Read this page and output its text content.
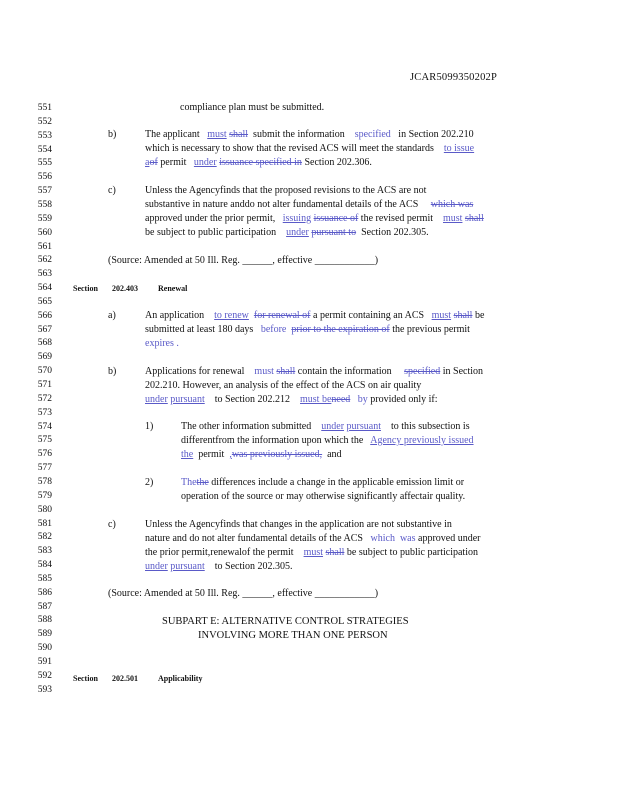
JCAR5099350202P
551
552
553
554
555
556
557
558
559
560
561
562
563
564
565
566
567
568
569
570
571
572
573
574
575
576
577
578
579
580
581
582
583
584
585
586
587
588
589
590
591
592
593
compliance plan must be submitted.
b)	The applicant must shall submit the information specified in Section 202.210
which is necessary to show that the revised ACS will meet the standards to issue
aof permit under issuance specified in Section 202.306.
c)	Unless the Agencyfinds that the proposed revisions to the ACS are not
substantive in nature anddo not alter fundamental details of the ACS which was
approved under the prior permit, issuing issuance of the revised permit must shall
be subject to public participation under pursuant to Section 202.305.
(Source: Amended at 50 Ill. Reg. ______, effective ____________)
Section 202.403	Renewal
a)	An application to renew for renewal of a permit containing an ACS must shall be
submitted at least 180 days before prior to the expiration of the previous permit
expires .
b)	Applications for renewal must shall contain the information specified in Section
202.210. However, an analysis of the effect of the ACS on air quality
under pursuant to Section 202.212 must beneed by provided only if:
1)	The other information submitted under pursuant to this subsection is
differentfrom the information upon which the Agency previously issued
the permit ,was previously issued, and
2)	Thethe differences include a change in the applicable emission limit or
operation of the source or may otherwise significantly affectair quality.
c)	Unless the Agencyfinds that changes in the application are not substantive in
nature and do not alter fundamental details of the ACS which was approved under
the prior permit,renewalof the permit must shall be subject to public participation
under pursuant to Section 202.305.
(Source: Amended at 50 Ill. Reg. ______, effective ____________)
SUBPART E: ALTERNATIVE CONTROL STRATEGIES
INVOLVING MORE THAN ONE PERSON
Section 202.501	Applicability
